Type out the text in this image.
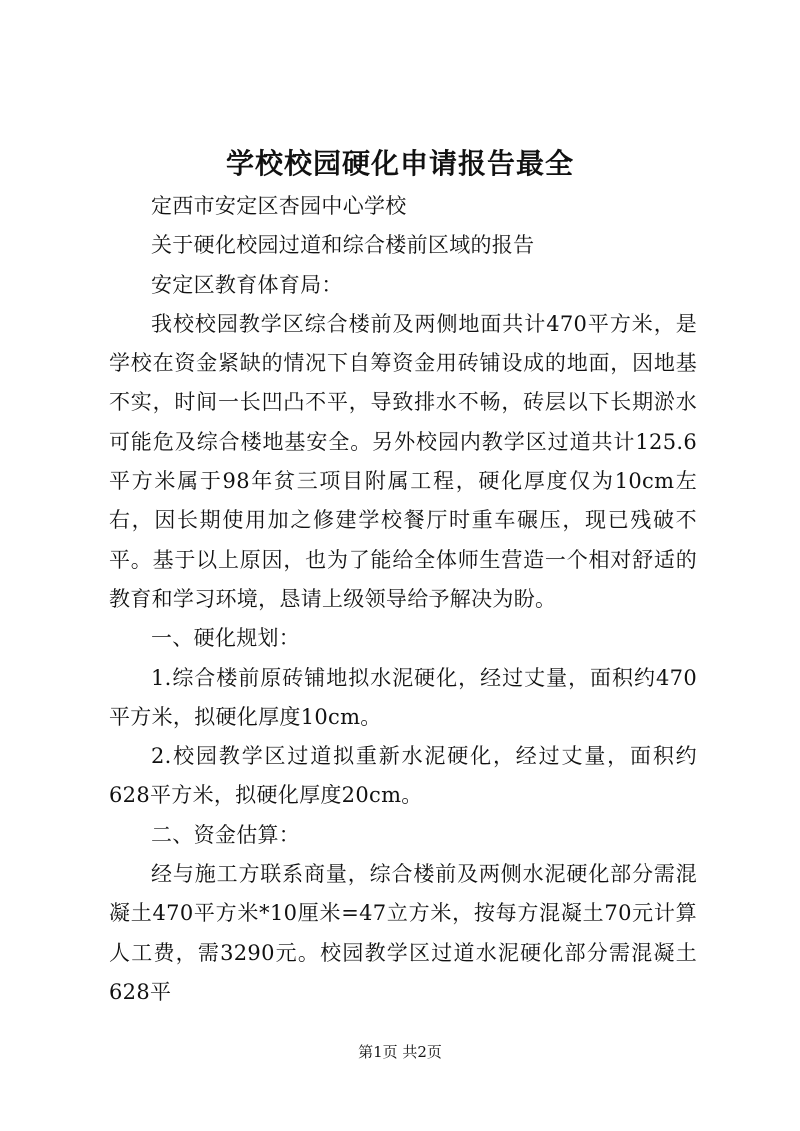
学校校园硬化申请报告最全

定西市安定区杏园中心学校

关于硬化校园过道和综合楼前区域的报告

安定区教育体育局：

我校校园教学区综合楼前及两侧地面共计470平方米，是学校在资金紧缺的情况下自筹资金用砖铺设成的地面，因地基不实，时间一长凹凸不平，导致排水不畅，砖层以下长期淤水可能危及综合楼地基安全。另外校园内教学区过道共计125.6平方米属于98年贫三项目附属工程，硬化厚度仅为10cm左右，因长期使用加之修建学校餐厅时重车碾压，现已残破不平。基于以上原因，也为了能给全体师生营造一个相对舒适的教育和学习环境，恳请上级领导给予解决为盼。

一、硬化规划：

1.综合楼前原砖铺地拟水泥硬化，经过丈量，面积约470平方米，拟硬化厚度10cm。

2.校园教学区过道拟重新水泥硬化，经过丈量，面积约628平方米，拟硬化厚度20cm。

二、资金估算：

经与施工方联系商量，综合楼前及两侧水泥硬化部分需混凝土470平方米*10厘米=47立方米，按每方混凝土70元计算人工费，需3290元。校园教学区过道水泥硬化部分需混凝土628平

第1页 共2页
